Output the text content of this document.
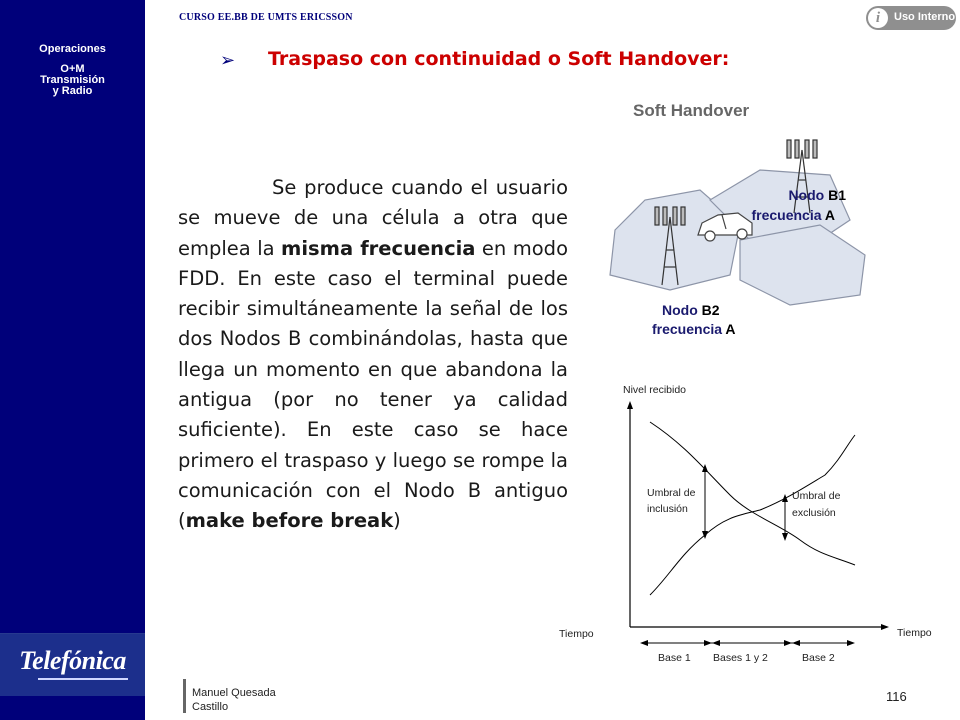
Operaciones
O+M
Transmisión
y Radio
Telefónica
CURSO EE.BB DE UMTS ERICSSON	i	Uso Interno
➢ Traspaso con continuidad o Soft Handover:
Se produce cuando el usuario se mueve de una célula a otra que emplea la misma frecuencia en modo FDD. En este caso el terminal puede recibir simultáneamente la señal de los dos Nodos B combinándolas, hasta que llega un momento en que abandona la antigua (por no tener ya calidad suficiente). En este caso se hace primero el traspaso y luego se rompe la comunicación con el Nodo B antiguo (make before break)
Soft Handover
Nodo B1
frecuencia A
Nodo B2
frecuencia A
Nivel recibido
Tiempo	Tiempo
Umbral de
inclusión
Umbral de
exclusión
Base 1 Bases 1 y 2	Base 2
Manuel Quesada
Castillo
116
